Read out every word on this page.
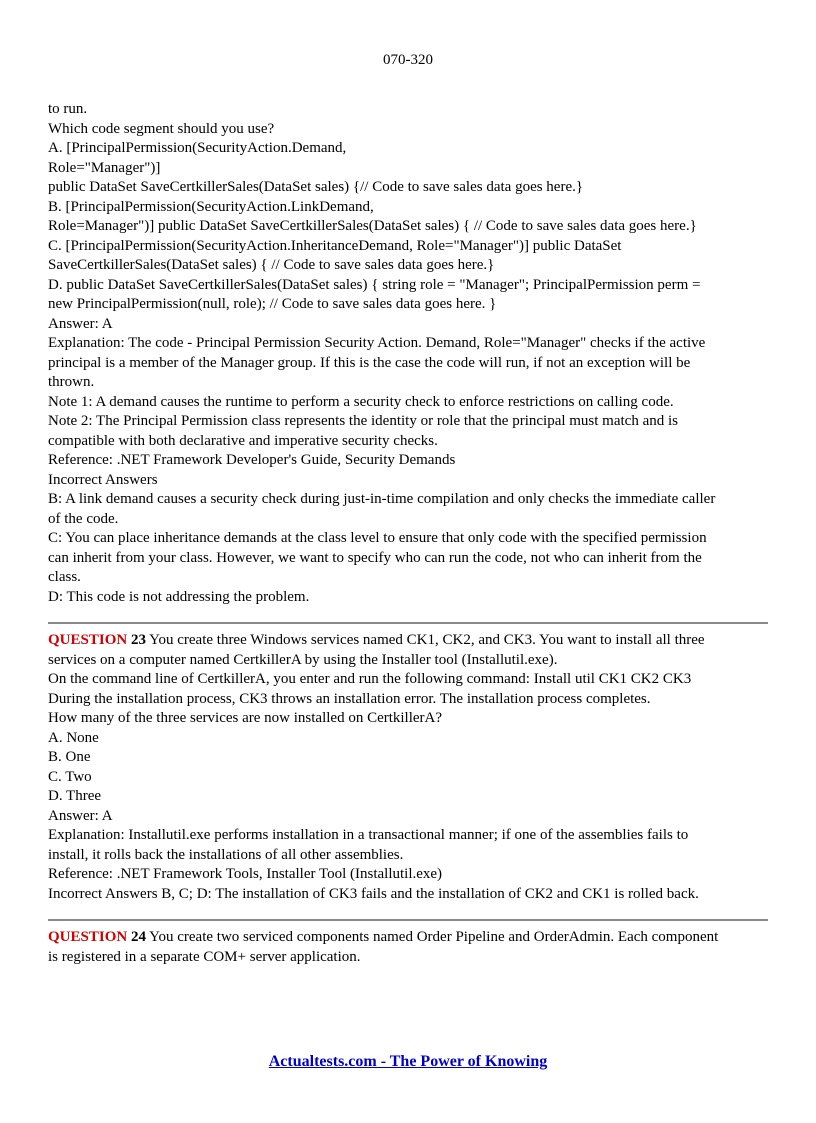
070-320
to run.
Which code segment should you use?
A. [PrincipalPermission(SecurityAction.Demand,
Role="Manager")]
public DataSet SaveCertkillerSales(DataSet sales) {// Code to save sales data goes here.}
B. [PrincipalPermission(SecurityAction.LinkDemand,
Role=Manager")] public DataSet SaveCertkillerSales(DataSet sales) { // Code to save sales data goes here.}
C. [PrincipalPermission(SecurityAction.InheritanceDemand, Role="Manager")] public DataSet
SaveCertkillerSales(DataSet sales) { // Code to save sales data goes here.}
D. public DataSet SaveCertkillerSales(DataSet sales) { string role = "Manager"; PrincipalPermission perm =
new PrincipalPermission(null, role); // Code to save sales data goes here. }
Answer: A
Explanation: The code - Principal Permission Security Action. Demand, Role="Manager" checks if the active
principal is a member of the Manager group. If this is the case the code will run, if not an exception will be
thrown.
Note 1: A demand causes the runtime to perform a security check to enforce restrictions on calling code.
Note 2: The Principal Permission class represents the identity or role that the principal must match and is
compatible with both declarative and imperative security checks.
Reference: .NET Framework Developer's Guide, Security Demands
Incorrect Answers
B: A link demand causes a security check during just-in-time compilation and only checks the immediate caller
of the code.
C: You can place inheritance demands at the class level to ensure that only code with the specified permission
can inherit from your class. However, we want to specify who can run the code, not who can inherit from the
class.
D: This code is not addressing the problem.
QUESTION 23 You create three Windows services named CK1, CK2, and CK3. You want to install all three
services on a computer named CertkillerA by using the Installer tool (Installutil.exe).
On the command line of CertkillerA, you enter and run the following command: Install util CK1 CK2 CK3
During the installation process, CK3 throws an installation error. The installation process completes.
How many of the three services are now installed on CertkillerA?
A. None
B. One
C. Two
D. Three
Answer: A
Explanation: Installutil.exe performs installation in a transactional manner; if one of the assemblies fails to
install, it rolls back the installations of all other assemblies.
Reference: .NET Framework Tools, Installer Tool (Installutil.exe)
Incorrect Answers B, C; D: The installation of CK3 fails and the installation of CK2 and CK1 is rolled back.
QUESTION 24 You create two serviced components named Order Pipeline and OrderAdmin. Each component
is registered in a separate COM+ server application.
Actualtests.com - The Power of Knowing
